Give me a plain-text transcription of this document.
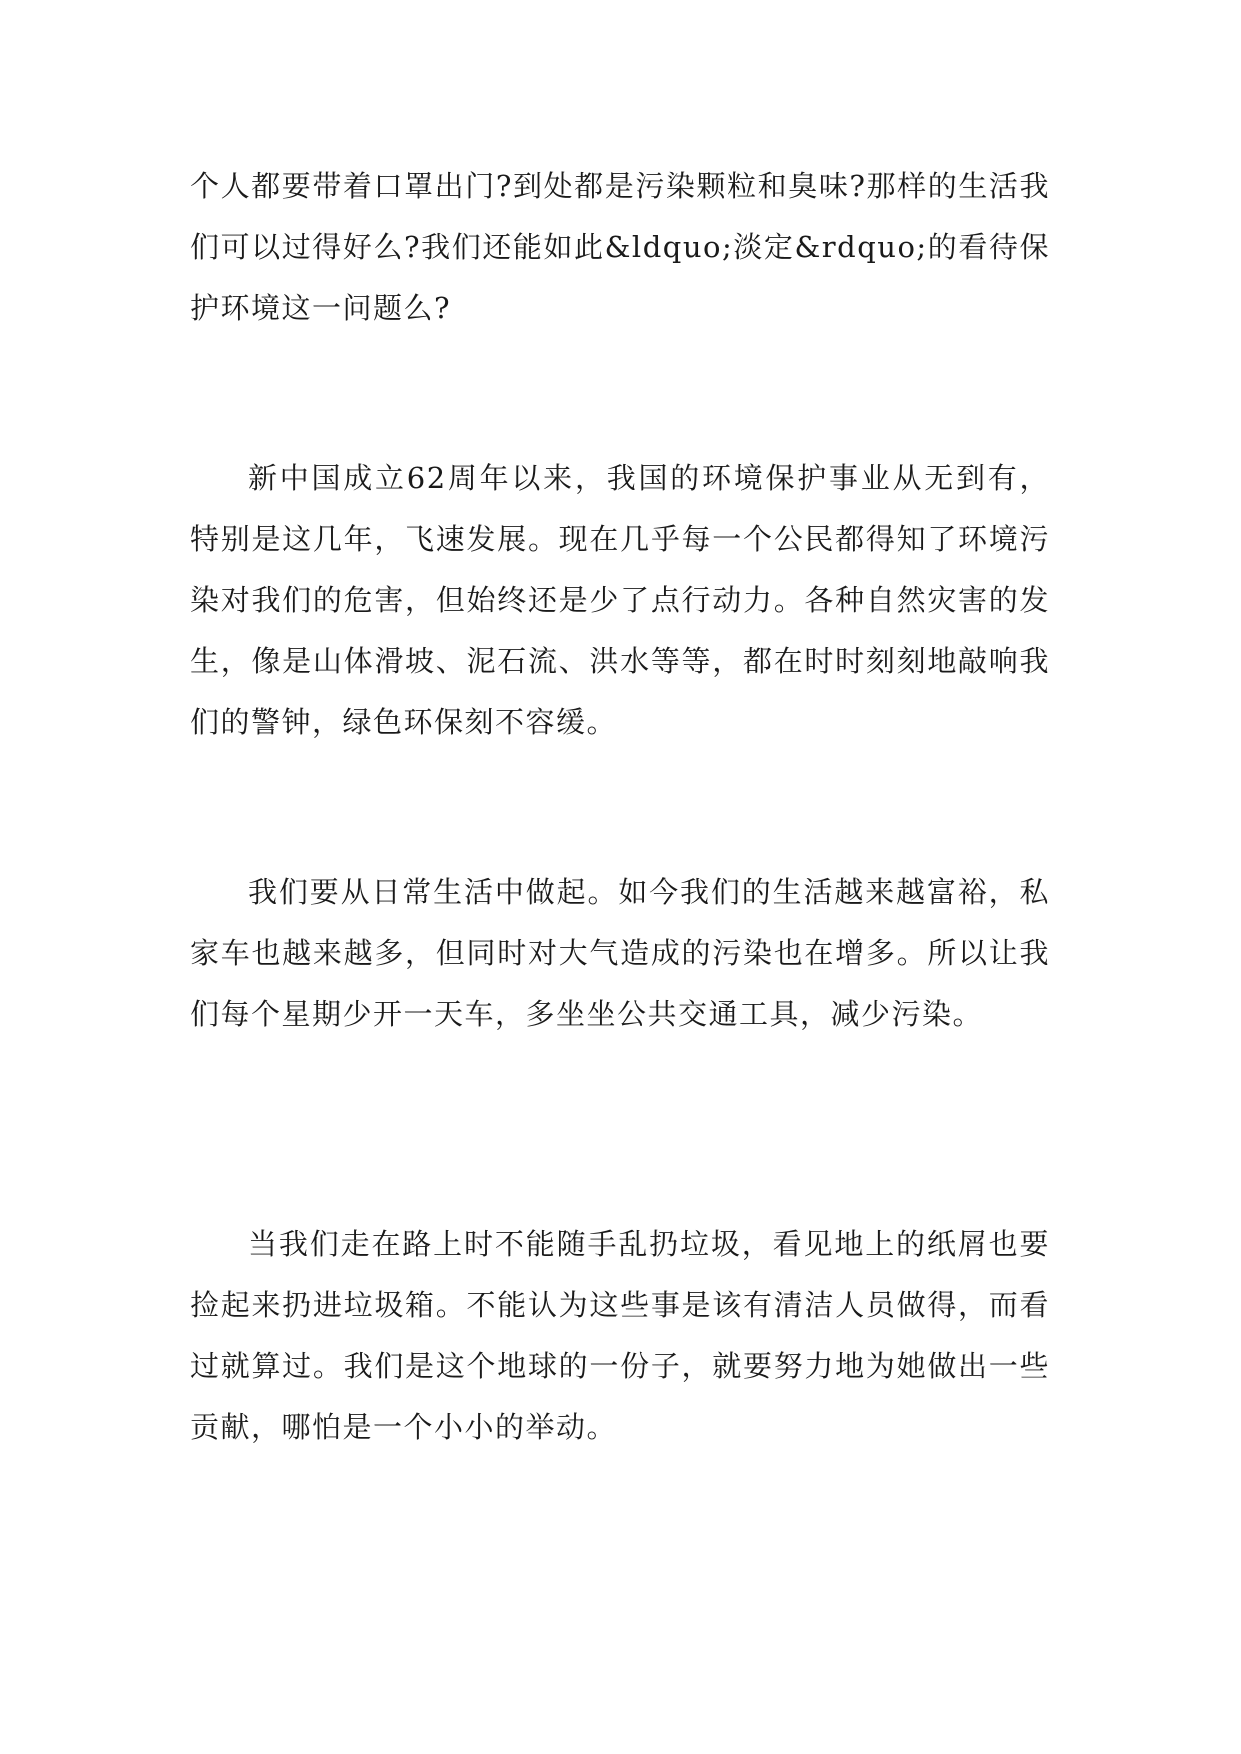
个人都要带着口罩出门?到处都是污染颗粒和臭味?那样的生活我们可以过得好么?我们还能如此&ldquo;淡定&rdquo;的看待保护环境这一问题么?

新中国成立62周年以来，我国的环境保护事业从无到有，特别是这几年，飞速发展。现在几乎每一个公民都得知了环境污染对我们的危害，但始终还是少了点行动力。各种自然灾害的发生，像是山体滑坡、泥石流、洪水等等，都在时时刻刻地敲响我们的警钟，绿色环保刻不容缓。

我们要从日常生活中做起。如今我们的生活越来越富裕，私家车也越来越多，但同时对大气造成的污染也在增多。所以让我们每个星期少开一天车，多坐坐公共交通工具，减少污染。

当我们走在路上时不能随手乱扔垃圾，看见地上的纸屑也要捡起来扔进垃圾箱。不能认为这些事是该有清洁人员做得，而看过就算过。我们是这个地球的一份子，就要努力地为她做出一些贡献，哪怕是一个小小的举动。
